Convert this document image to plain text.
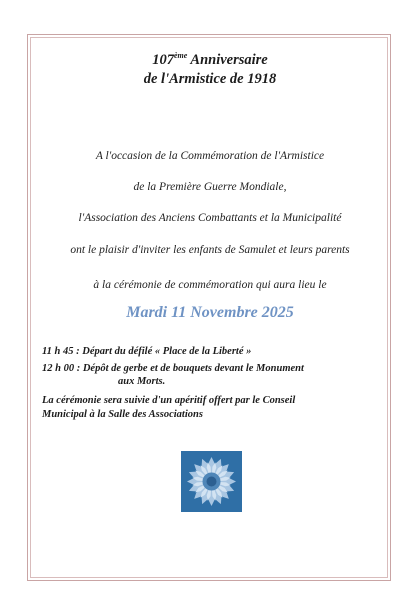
107ème Anniversaire
de l'Armistice de 1918
A l'occasion de la Commémoration de l'Armistice
de la Première Guerre Mondiale,
l'Association des Anciens Combattants et la Municipalité
ont le plaisir d'inviter les enfants de Samulet et leurs parents
à la cérémonie de commémoration qui aura lieu le
Mardi 11 Novembre 2025
11 h 45 : Départ du défilé « Place de la Liberté »
12 h 00 : Dépôt de gerbe et de bouquets devant le Monument
aux Morts.
La cérémonie sera suivie d'un apéritif offert par le Conseil
Municipal à la Salle des Associations
